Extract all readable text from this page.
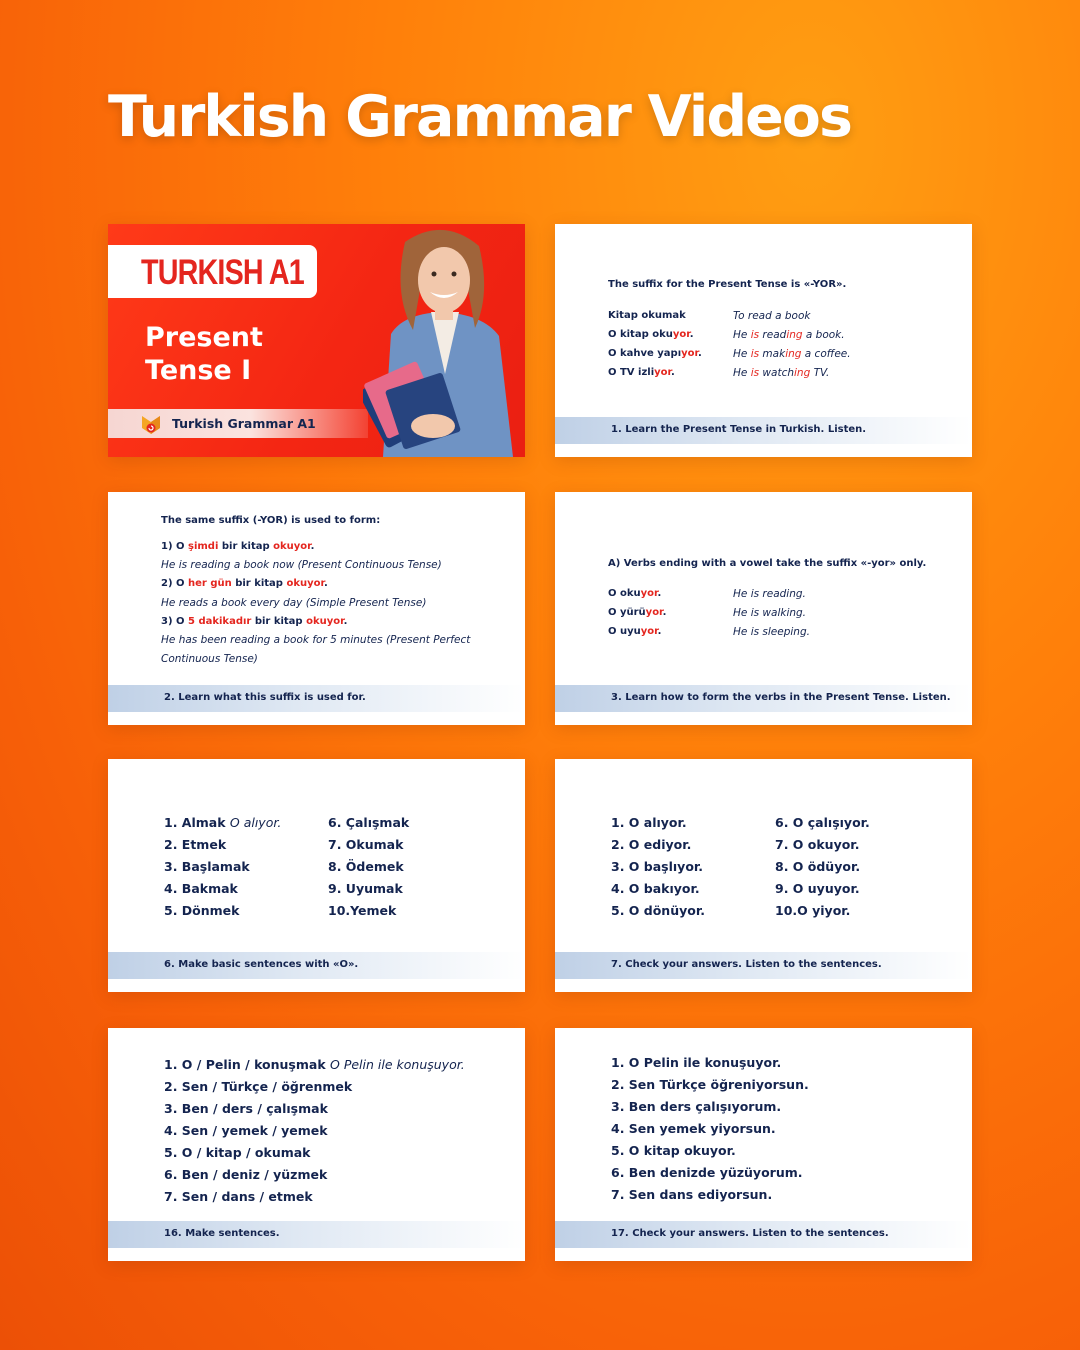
Turkish Grammar Videos
TURKISH A1
Present
Tense I
Turkish Grammar A1
The suffix for the Present Tense is «-YOR».
Kitap okumak	To read a book
O kitap okuyor.	He is reading a book.
O kahve yapıyor.	He is making a coffee.
O TV izliyor.	He is watching TV.
1. Learn the Present Tense in Turkish. Listen.
The same suffix (-YOR) is used to form:
1) O şimdi bir kitap okuyor.
He is reading a book now (Present Continuous Tense)
2) O her gün bir kitap okuyor.
He reads a book every day (Simple Present Tense)
3) O 5 dakikadır bir kitap okuyor.
He has been reading a book for 5 minutes (Present Perfect
Continuous Tense)
2. Learn what this suffix is used for.
A) Verbs ending with a vowel take the suffix «-yor» only.
O okuyor.	He is reading.
O yürüyor.	He is walking.
O uyuyor.	He is sleeping.
3. Learn how to form the verbs in the Present Tense. Listen.
1. Almak O alıyor.
2. Etmek
3. Başlamak
4. Bakmak
5. Dönmek
6. Çalışmak
7. Okumak
8. Ödemek
9. Uyumak
10.Yemek
6. Make basic sentences with «O».
1. O alıyor.
2. O ediyor.
3. O başlıyor.
4. O bakıyor.
5. O dönüyor.
6. O çalışıyor.
7. O okuyor.
8. O ödüyor.
9. O uyuyor.
10.O yiyor.
7. Check your answers. Listen to the sentences.
1. O / Pelin / konuşmak O Pelin ile konuşuyor.
2. Sen / Türkçe / öğrenmek
3. Ben / ders / çalışmak
4. Sen / yemek / yemek
5. O / kitap / okumak
6. Ben / deniz / yüzmek
7. Sen / dans / etmek
16. Make sentences.
1. O Pelin ile konuşuyor.
2. Sen Türkçe öğreniyorsun.
3. Ben ders çalışıyorum.
4. Sen yemek yiyorsun.
5. O kitap okuyor.
6. Ben denizde yüzüyorum.
7. Sen dans ediyorsun.
17. Check your answers. Listen to the sentences.
